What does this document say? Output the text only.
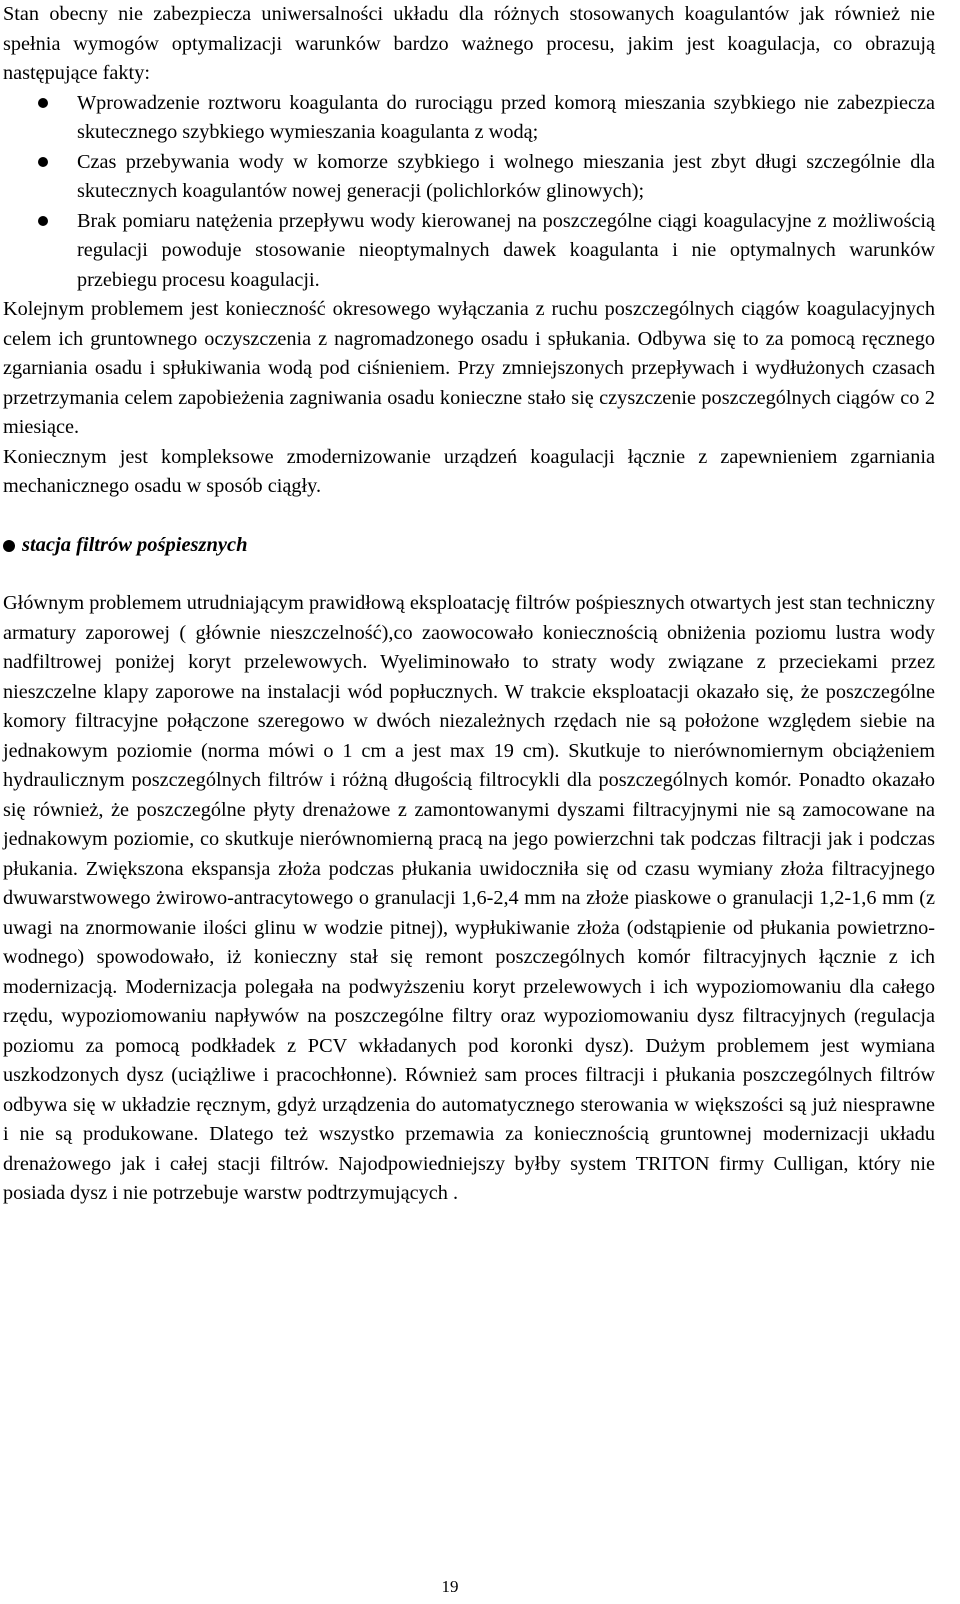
Stan obecny nie zabezpiecza uniwersalności układu dla różnych stosowanych koagulantów jak również nie spełnia wymogów optymalizacji warunków bardzo ważnego procesu, jakim jest koagulacja, co obrazują następujące fakty:

Wprowadzenie roztworu koagulanta do rurociągu przed komorą mieszania szybkiego nie zabezpiecza skutecznego szybkiego wymieszania koagulanta z wodą;
Czas przebywania wody w komorze szybkiego i wolnego mieszania jest zbyt długi szczególnie dla skutecznych koagulantów nowej generacji (polichlorków glinowych);
Brak pomiaru natężenia przepływu wody kierowanej na poszczególne ciągi koagulacyjne z możliwością regulacji powoduje stosowanie nieoptymalnych dawek koagulanta i nie optymalnych warunków przebiegu procesu koagulacji.

Kolejnym problemem jest konieczność okresowego wyłączania z ruchu poszczególnych ciągów koagulacyjnych celem ich gruntownego oczyszczenia z nagromadzonego osadu i spłukania. Odbywa się to za pomocą ręcznego zgarniania osadu i spłukiwania wodą pod ciśnieniem. Przy zmniejszonych przepływach i wydłużonych czasach przetrzymania celem zapobieżenia zagniwania osadu konieczne stało się czyszczenie poszczególnych ciągów co 2 miesiące.

Koniecznym jest kompleksowe zmodernizowanie urządzeń koagulacji łącznie z zapewnieniem zgarniania mechanicznego osadu w sposób ciągły.

stacja filtrów pośpiesznych

Głównym problemem utrudniającym prawidłową eksploatację filtrów pośpiesznych otwartych jest stan techniczny armatury zaporowej ( głównie nieszczelność),co zaowocowało koniecznością obniżenia poziomu lustra wody nadfiltrowej poniżej koryt przelewowych. Wyeliminowało to straty wody związane z przeciekami przez nieszczelne klapy zaporowe na instalacji wód popłucznych. W trakcie eksploatacji okazało się, że poszczególne komory filtracyjne połączone szeregowo w dwóch niezależnych rzędach nie są położone względem siebie na jednakowym poziomie (norma mówi o 1 cm a jest max 19 cm). Skutkuje to nierównomiernym obciążeniem hydraulicznym poszczególnych filtrów i różną długością filtrocykli dla poszczególnych komór. Ponadto okazało się również, że poszczególne płyty drenażowe z zamontowanymi dyszami filtracyjnymi nie są zamocowane na jednakowym poziomie, co skutkuje nierównomierną pracą na jego powierzchni tak podczas filtracji jak i podczas płukania. Zwiększona ekspansja złoża podczas płukania uwidoczniła się od czasu wymiany złoża filtracyjnego dwuwarstwowego żwirowo-antracytowego o granulacji 1,6-2,4 mm na złoże piaskowe o granulacji 1,2-1,6 mm (z uwagi na znormowanie ilości glinu w wodzie pitnej), wypłukiwanie złoża (odstąpienie od płukania powietrzno-wodnego) spowodowało, iż konieczny stał się remont poszczególnych komór filtracyjnych łącznie z ich modernizacją. Modernizacja polegała na podwyższeniu koryt przelewowych i ich wypoziomowaniu dla całego rzędu, wypoziomowaniu napływów na poszczególne filtry oraz wypoziomowaniu dysz filtracyjnych (regulacja poziomu za pomocą podkładek z PCV wkładanych pod koronki dysz). Dużym problemem jest wymiana uszkodzonych dysz (uciążliwe i pracochłonne). Również sam proces filtracji i płukania poszczególnych filtrów odbywa się w układzie ręcznym, gdyż urządzenia do automatycznego sterowania w większości są już niesprawne i nie są produkowane. Dlatego też wszystko przemawia za koniecznością gruntownej modernizacji układu drenażowego jak i całej stacji filtrów. Najodpowiedniejszy byłby system TRITON firmy Culligan, który nie posiada dysz i nie potrzebuje warstw podtrzymujących .

19
